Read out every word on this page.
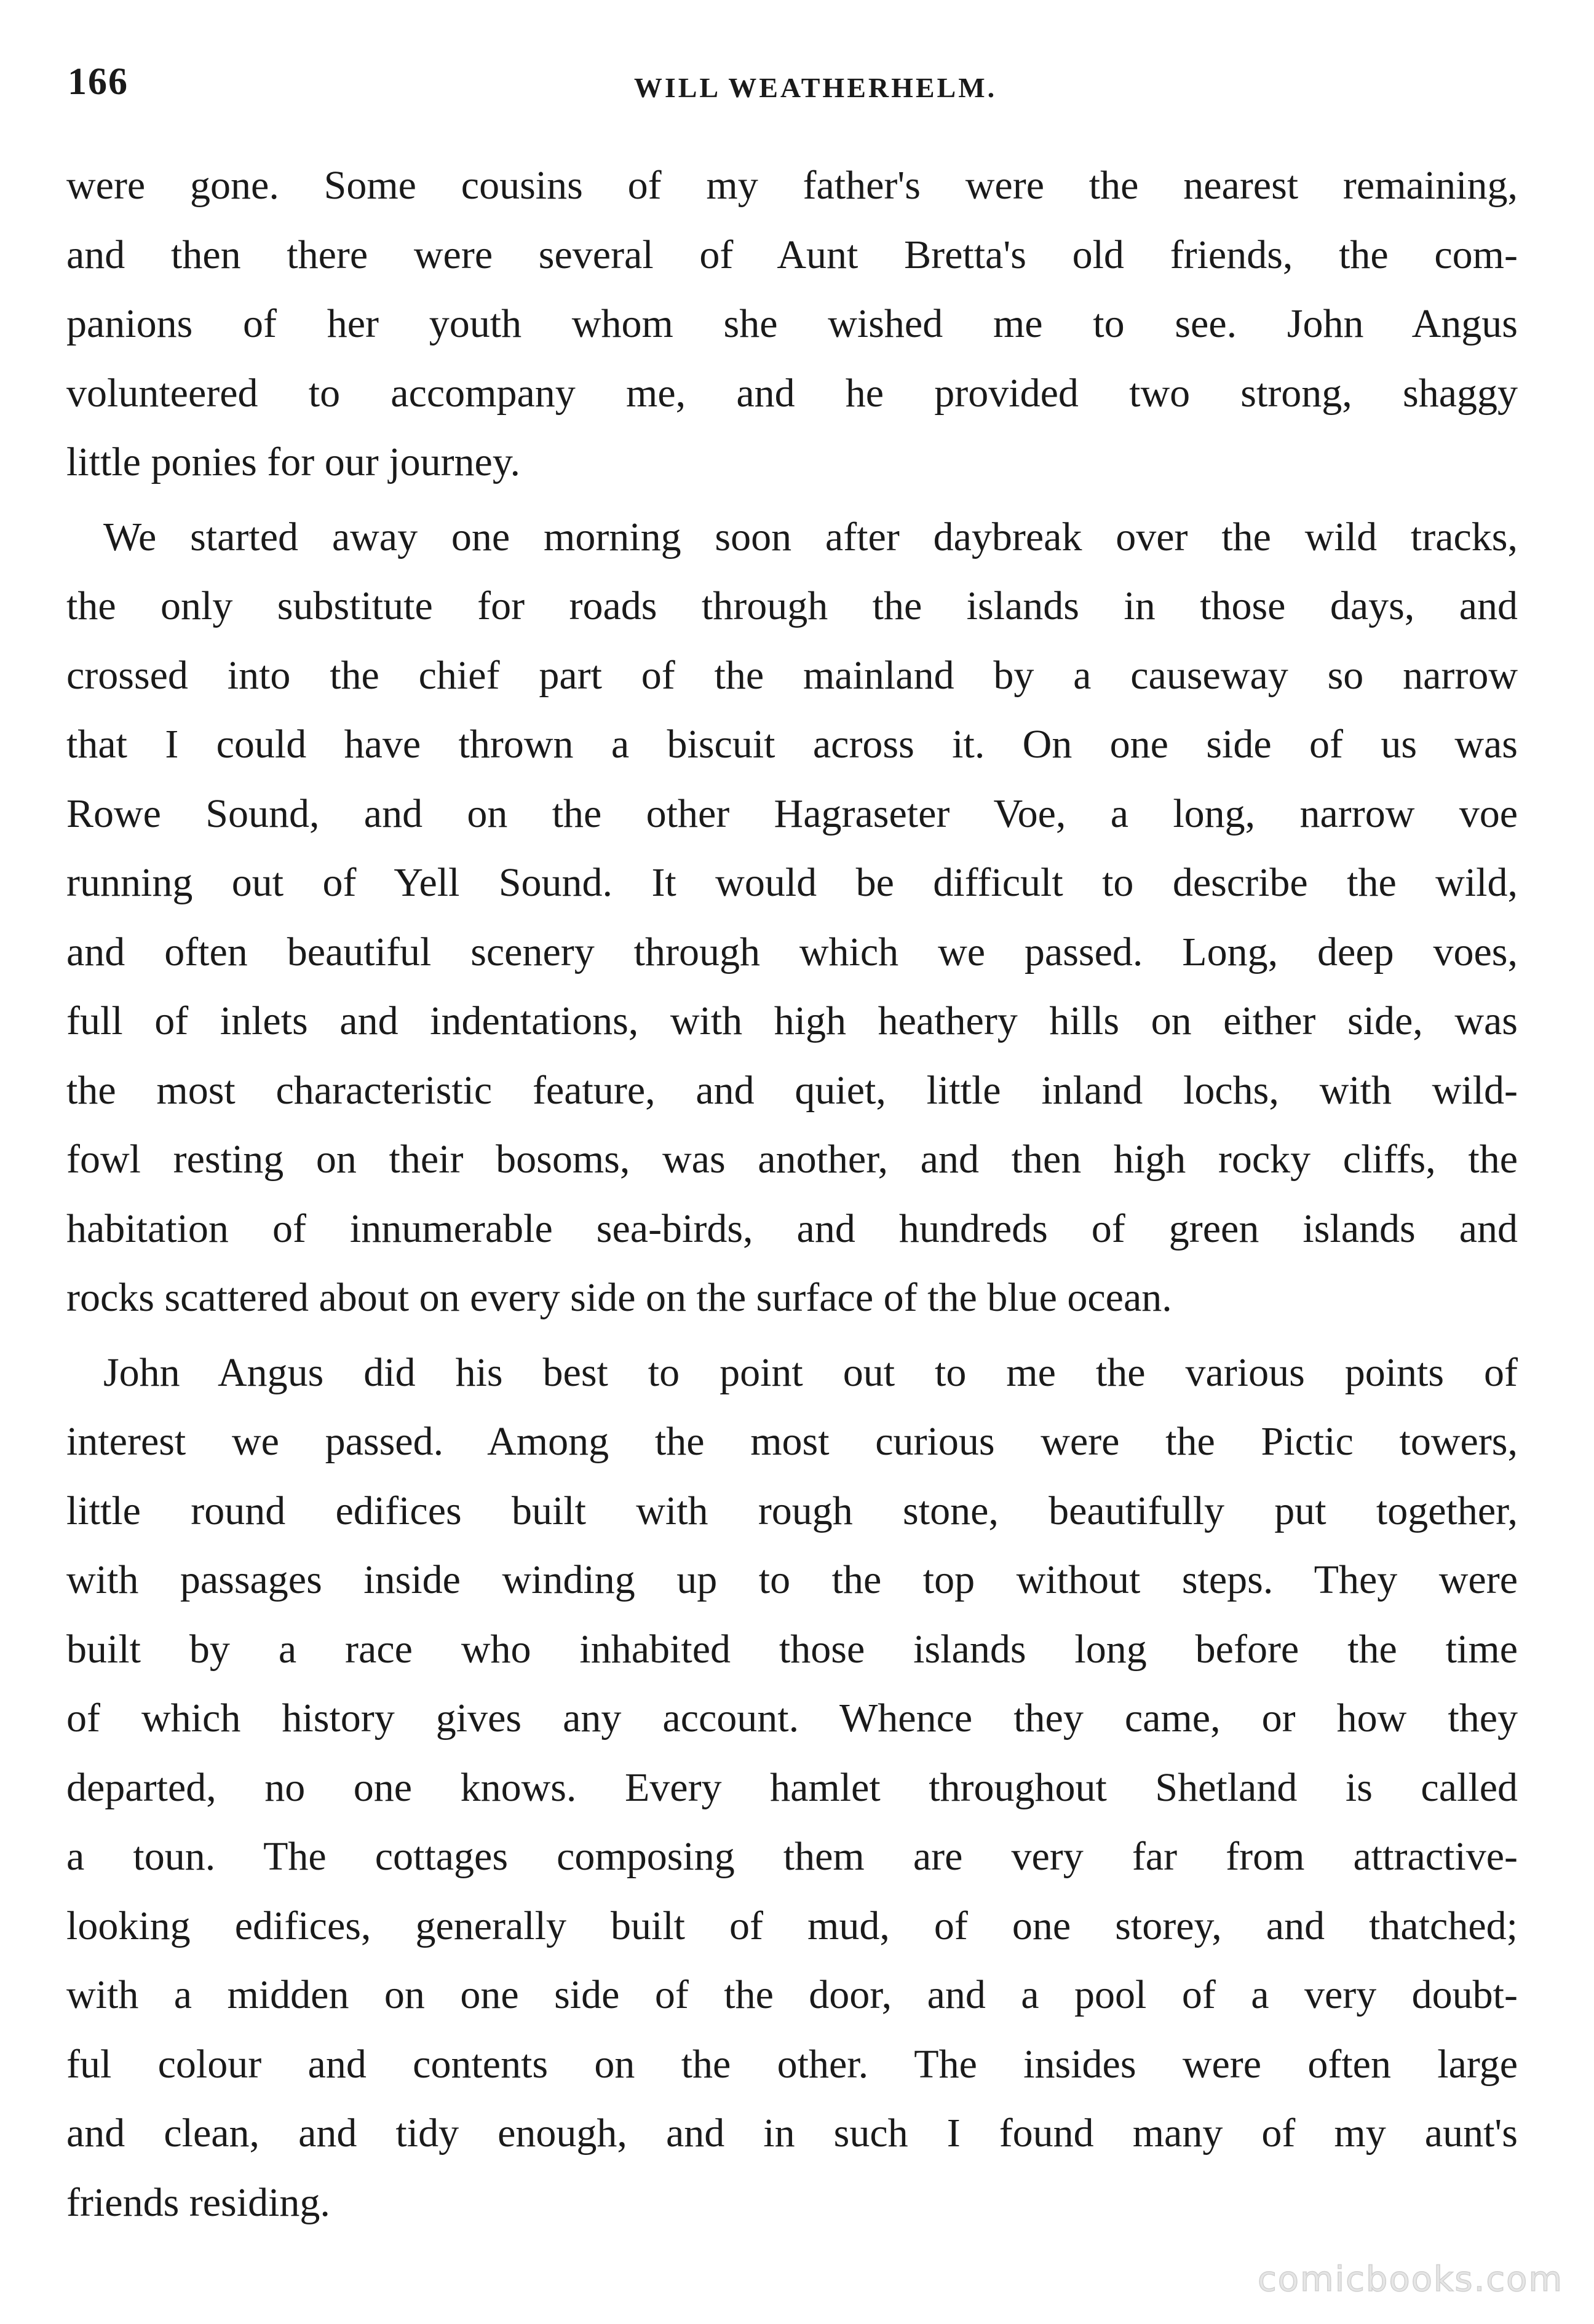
166	WILL WEATHERHELM.
were gone. Some cousins of my father's were the nearest remaining,
and then there were several of Aunt Bretta's old friends, the com-
panions of her youth whom she wished me to see. John Angus
volunteered to accompany me, and he provided two strong, shaggy
little ponies for our journey.
We started away one morning soon after daybreak over the wild tracks,
the only substitute for roads through the islands in those days, and
crossed into the chief part of the mainland by a causeway so narrow
that I could have thrown a biscuit across it. On one side of us was
Rowe Sound, and on the other Hagraseter Voe, a long, narrow voe
running out of Yell Sound. It would be difficult to describe the wild,
and often beautiful scenery through which we passed. Long, deep voes,
full of inlets and indentations, with high heathery hills on either side, was
the most characteristic feature, and quiet, little inland lochs, with wild-
fowl resting on their bosoms, was another, and then high rocky cliffs, the
habitation of innumerable sea-birds, and hundreds of green islands and
rocks scattered about on every side on the surface of the blue ocean.
John Angus did his best to point out to me the various points of
interest we passed. Among the most curious were the Pictic towers,
little round edifices built with rough stone, beautifully put together,
with passages inside winding up to the top without steps. They were
built by a race who inhabited those islands long before the time
of which history gives any account. Whence they came, or how they
departed, no one knows. Every hamlet throughout Shetland is called
a toun. The cottages composing them are very far from attractive-
looking edifices, generally built of mud, of one storey, and thatched;
with a midden on one side of the door, and a pool of a very doubt-
ful colour and contents on the other. The insides were often large
and clean, and tidy enough, and in such I found many of my aunt's
friends residing.
comicbooks.com
